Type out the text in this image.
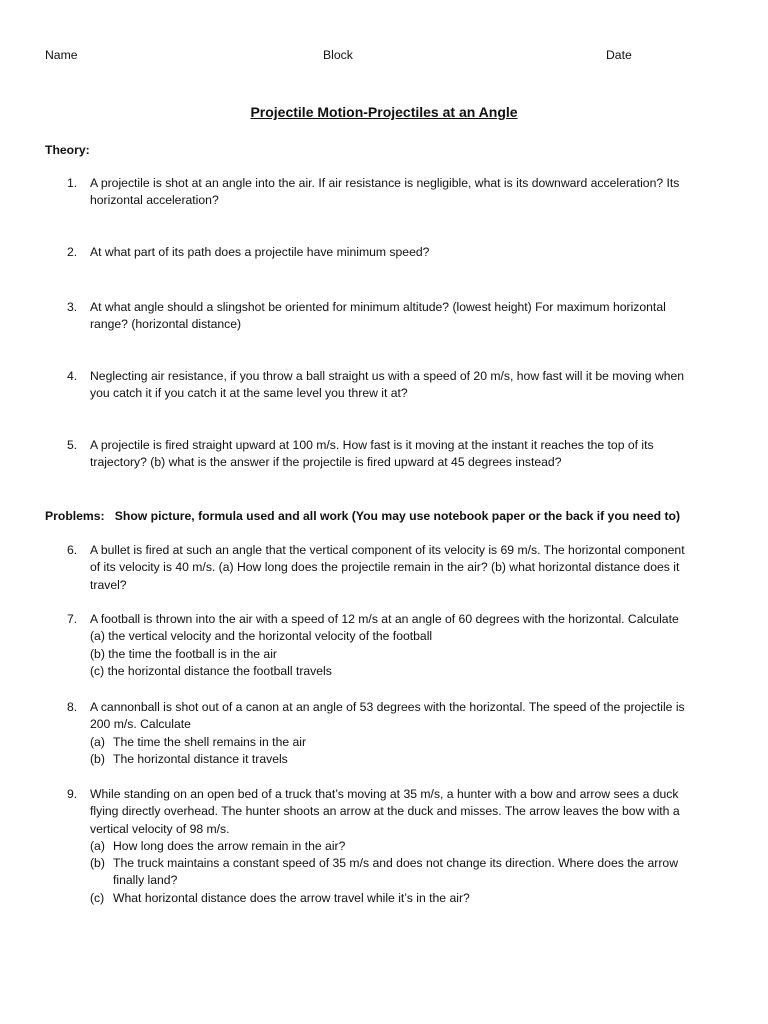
Name	Block	Date
Projectile Motion-Projectiles at an Angle
Theory:
1. A projectile is shot at an angle into the air. If air resistance is negligible, what is its downward acceleration? Its
horizontal acceleration?
2. At what part of its path does a projectile have minimum speed?
3. At what angle should a slingshot be oriented for minimum altitude? (lowest height) For maximum horizontal
range? (horizontal distance)
4. Neglecting air resistance, if you throw a ball straight us with a speed of 20 m/s, how fast will it be moving when
you catch it if you catch it at the same level you threw it at?
5. A projectile is fired straight upward at 100 m/s. How fast is it moving at the instant it reaches the top of its
trajectory? (b) what is the answer if the projectile is fired upward at 45 degrees instead?
Problems: Show picture, formula used and all work (You may use notebook paper or the back if you need to)
6. A bullet is fired at such an angle that the vertical component of its velocity is 69 m/s. The horizontal component
of its velocity is 40 m/s. (a) How long does the projectile remain in the air? (b) what horizontal distance does it
travel?
7. A football is thrown into the air with a speed of 12 m/s at an angle of 60 degrees with the horizontal. Calculate
(a) the vertical velocity and the horizontal velocity of the football
(b) the time the football is in the air
(c) the horizontal distance the football travels
8. A cannonball is shot out of a canon at an angle of 53 degrees with the horizontal. The speed of the projectile is
200 m/s. Calculate
(a) The time the shell remains in the air
(b) The horizontal distance it travels
9. While standing on an open bed of a truck that’s moving at 35 m/s, a hunter with a bow and arrow sees a duck
flying directly overhead. The hunter shoots an arrow at the duck and misses. The arrow leaves the bow with a
vertical velocity of 98 m/s.
(a) How long does the arrow remain in the air?
(b) The truck maintains a constant speed of 35 m/s and does not change its direction. Where does the arrow
finally land?
(c) What horizontal distance does the arrow travel while it’s in the air?
